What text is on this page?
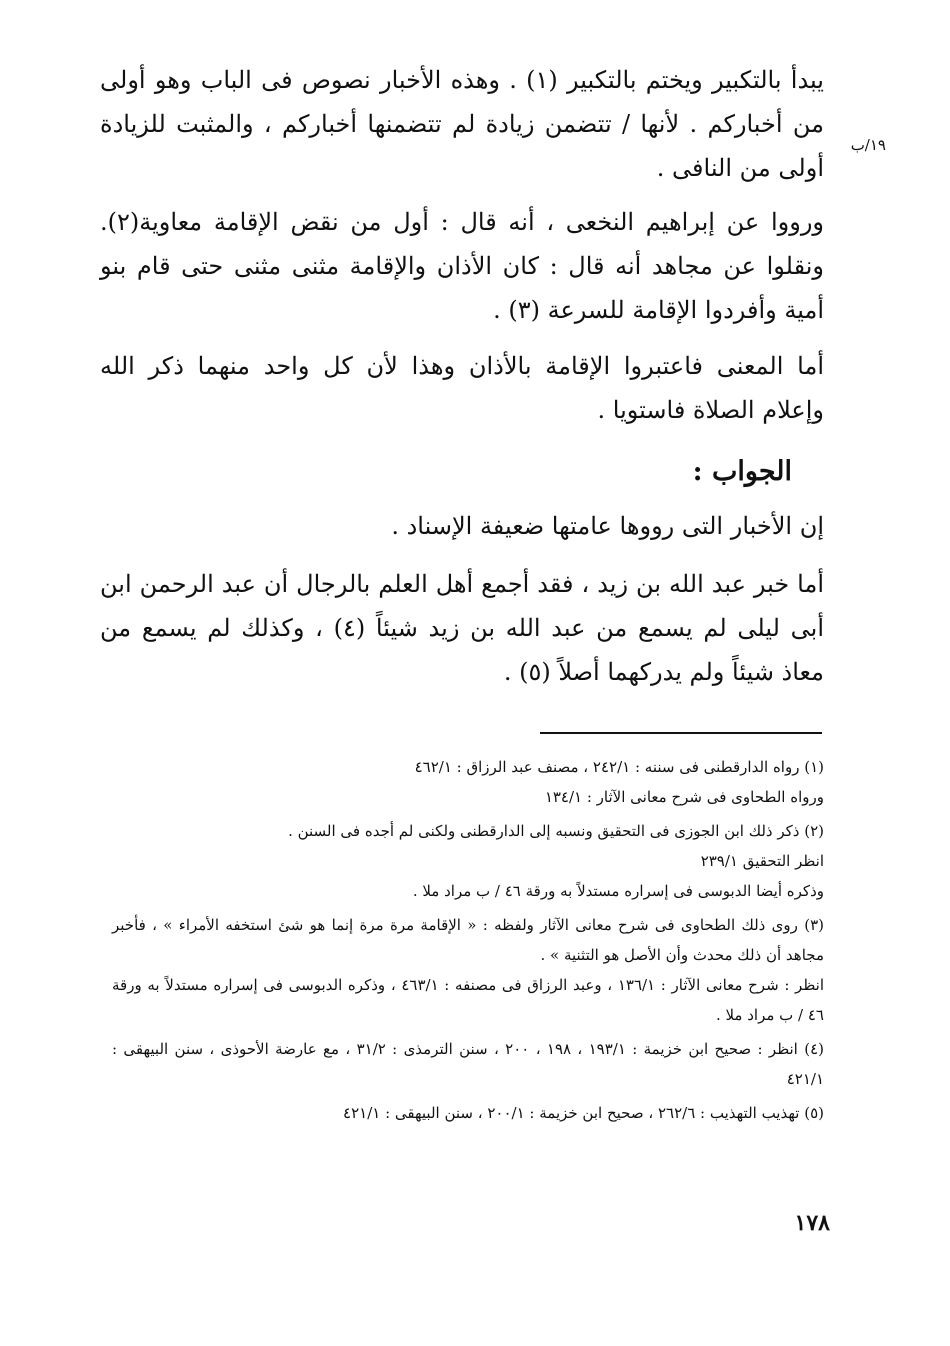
١٩/ب

يبدأ بالتكبير ويختم بالتكبير (١) . وهذه الأخبار نصوص فى الباب وهو أولى من أخباركم . لأنها / تتضمن زيادة لم تتضمنها أخباركم ، والمثبت للزيادة أولى من النافى .

ورووا عن إبراهيم النخعى ، أنه قال : أول من نقض الإقامة معاوية(٢). ونقلوا عن مجاهد أنه قال : كان الأذان والإقامة مثنى مثنى حتى قام بنو أمية وأفردوا الإقامة للسرعة (٣) .

أما المعنى فاعتبروا الإقامة بالأذان وهذا لأن كل واحد منهما ذكر الله وإعلام الصلاة فاستويا .

الجواب :

إن الأخبار التى رووها عامتها ضعيفة الإسناد .

أما خبر عبد الله بن زيد ، فقد أجمع أهل العلم بالرجال أن عبد الرحمن ابن أبى ليلى لم يسمع من عبد الله بن زيد شيئاً (٤) ، وكذلك لم يسمع من معاذ شيئاً ولم يدركهما أصلاً (٥) .

(١) رواه الدارقطنى فى سننه : ٢٤٢/١ ، مصنف عبد الرزاق : ٤٦٢/١

ورواه الطحاوى فى شرح معانى الآثار : ١٣٤/١

(٢) ذكر ذلك ابن الجوزى فى التحقيق ونسبه إلى الدارقطنى ولكنى لم أجده فى السنن .

انظر التحقيق ٢٣٩/١

وذكره أيضا الدبوسى فى إسراره مستدلاً به ورقة ٤٦ / ب مراد ملا .

(٣) روى ذلك الطحاوى فى شرح معانى الآثار ولفظه : « الإقامة مرة مرة إنما هو شئ استخفه الأمراء » ، فأخبر مجاهد أن ذلك محدث وأن الأصل هو التثنية » .

انظر : شرح معانى الآثار : ١٣٦/١ ، وعبد الرزاق فى مصنفه : ٤٦٣/١ ، وذكره الدبوسى فى إسراره مستدلاً به ورقة ٤٦ / ب مراد ملا .

(٤) انظر : صحيح ابن خزيمة : ١٩٣/١ ، ١٩٨ ، ٢٠٠ ، سنن الترمذى : ٣١/٢ ، مع عارضة الأحوذى ، سنن البيهقى : ٤٢١/١

(٥) تهذيب التهذيب : ٢٦٢/٦ ، صحيح ابن خزيمة : ٢٠٠/١ ، سنن البيهقى : ٤٢١/١

١٧٨
